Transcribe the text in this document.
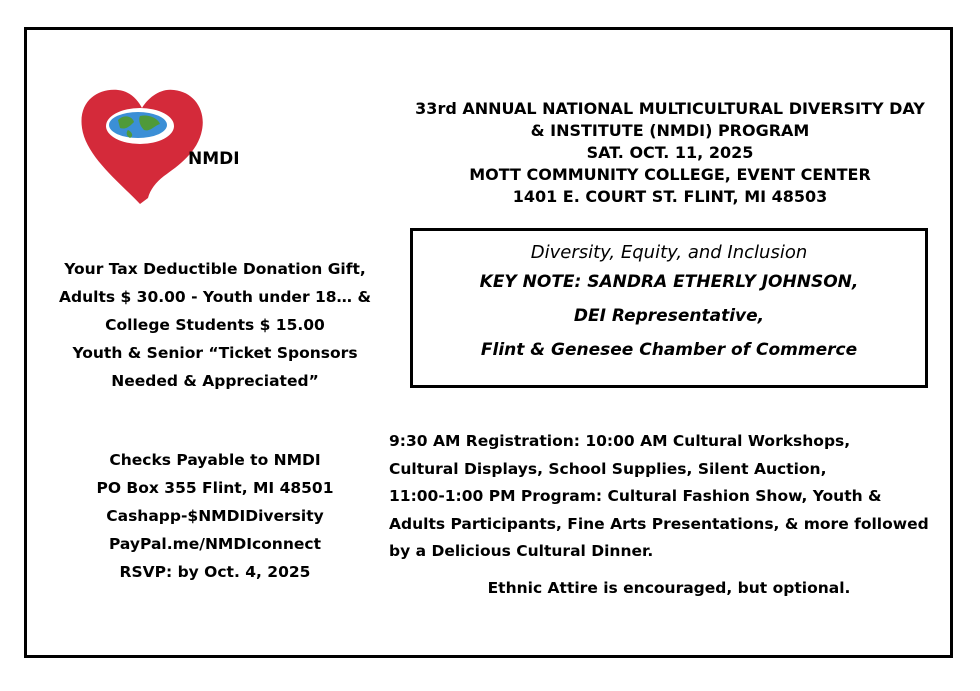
NMDI
33rd ANNUAL NATIONAL MULTICULTURAL DIVERSITY DAY
& INSTITUTE (NMDI) PROGRAM
SAT. OCT. 11, 2025
MOTT COMMUNITY COLLEGE, EVENT CENTER
1401 E. COURT ST. FLINT, MI 48503
Diversity, Equity, and Inclusion
KEY NOTE: SANDRA ETHERLY JOHNSON,
DEI Representative,
Flint & Genesee Chamber of Commerce
Your Tax Deductible Donation Gift,
Adults $ 30.00 - Youth under 18… &
College Students $ 15.00
Youth & Senior “Ticket Sponsors
Needed & Appreciated”
Checks Payable to NMDI
PO Box 355 Flint, MI 48501
Cashapp-$NMDIDiversity
PayPal.me/NMDIconnect
RSVP: by Oct. 4, 2025
9:30 AM Registration: 10:00 AM Cultural Workshops,
Cultural Displays, School Supplies, Silent Auction,
11:00-1:00 PM Program: Cultural Fashion Show, Youth &
Adults Participants, Fine Arts Presentations, & more followed
by a Delicious Cultural Dinner.
Ethnic Attire is encouraged, but optional.
